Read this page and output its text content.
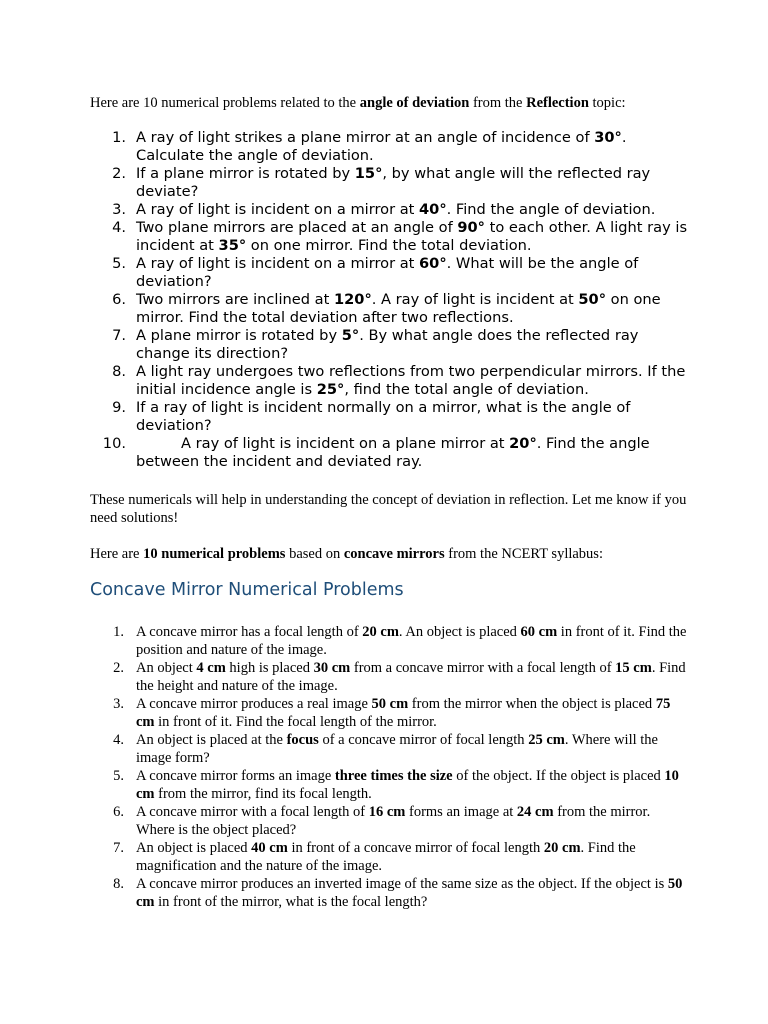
Here are 10 numerical problems related to the angle of deviation from the Reflection topic:

1. A ray of light strikes a plane mirror at an angle of incidence of 30°. Calculate the angle of deviation.
2. If a plane mirror is rotated by 15°, by what angle will the reflected ray deviate?
3. A ray of light is incident on a mirror at 40°. Find the angle of deviation.
4. Two plane mirrors are placed at an angle of 90° to each other. A light ray is incident at 35° on one mirror. Find the total deviation.
5. A ray of light is incident on a mirror at 60°. What will be the angle of deviation?
6. Two mirrors are inclined at 120°. A ray of light is incident at 50° on one mirror. Find the total deviation after two reflections.
7. A plane mirror is rotated by 5°. By what angle does the reflected ray change its direction?
8. A light ray undergoes two reflections from two perpendicular mirrors. If the initial incidence angle is 25°, find the total angle of deviation.
9. If a ray of light is incident normally on a mirror, what is the angle of deviation?
10.	A ray of light is incident on a plane mirror at 20°. Find the angle between the incident and deviated ray.

These numericals will help in understanding the concept of deviation in reflection. Let me know if you need solutions!

Here are 10 numerical problems based on concave mirrors from the NCERT syllabus:

Concave Mirror Numerical Problems
1. A concave mirror has a focal length of 20 cm. An object is placed 60 cm in front of it. Find the position and nature of the image.
2. An object 4 cm high is placed 30 cm from a concave mirror with a focal length of 15 cm. Find the height and nature of the image.
3. A concave mirror produces a real image 50 cm from the mirror when the object is placed 75 cm in front of it. Find the focal length of the mirror.
4. An object is placed at the focus of a concave mirror of focal length 25 cm. Where will the image form?
5. A concave mirror forms an image three times the size of the object. If the object is placed 10 cm from the mirror, find its focal length.
6. A concave mirror with a focal length of 16 cm forms an image at 24 cm from the mirror. Where is the object placed?
7. An object is placed 40 cm in front of a concave mirror of focal length 20 cm. Find the magnification and the nature of the image.
8. A concave mirror produces an inverted image of the same size as the object. If the object is 50 cm in front of the mirror, what is the focal length?
